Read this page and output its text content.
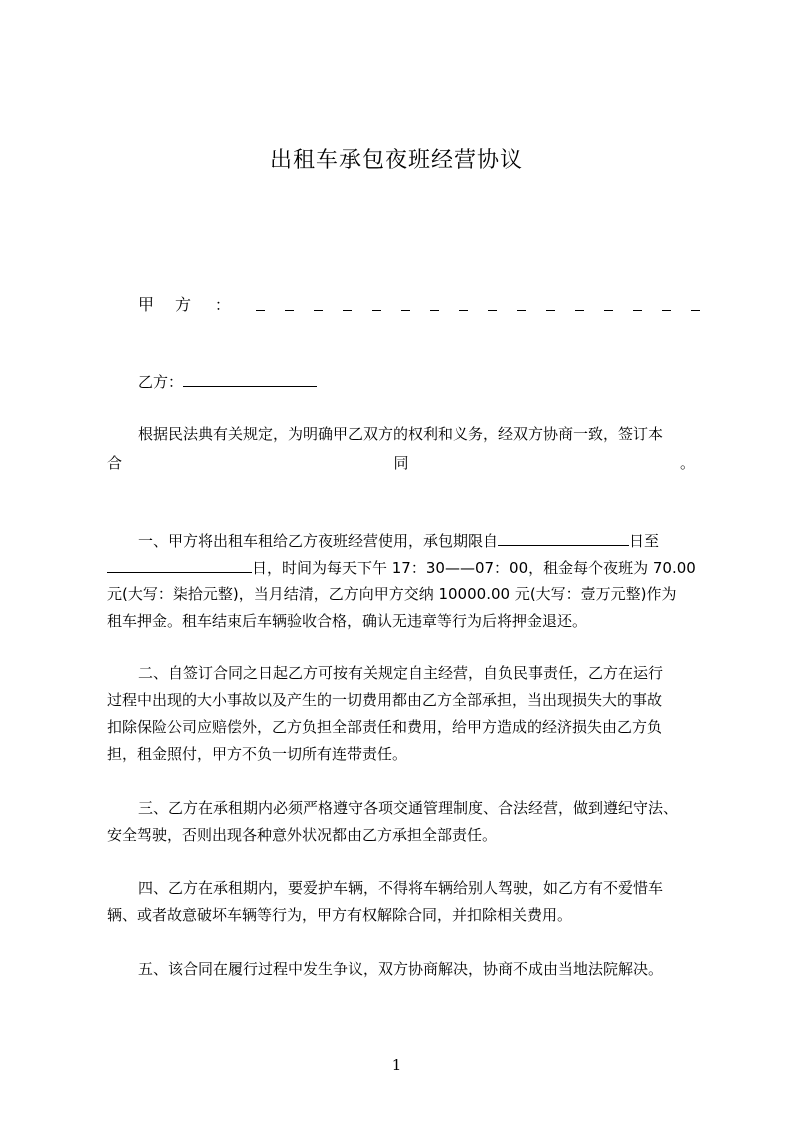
出租车承包夜班经营协议
甲 方 ：
乙方：
根据民法典有关规定，为明确甲乙双方的权利和义务，经双方协商一致，签订本
合	同	。
一、甲方将出租车租给乙方夜班经营使用，承包期限自	日至
日，时间为每天下午 17：30——07：00，租金每个夜班为 70.00
元(大写：柒拾元整)，当月结清，乙方向甲方交纳 10000.00 元(大写：壹万元整)作为
租车押金。租车结束后车辆验收合格，确认无违章等行为后将押金退还。
二、自签订合同之日起乙方可按有关规定自主经营，自负民事责任，乙方在运行
过程中出现的大小事故以及产生的一切费用都由乙方全部承担，当出现损失大的事故
扣除保险公司应赔偿外，乙方负担全部责任和费用，给甲方造成的经济损失由乙方负
担，租金照付，甲方不负一切所有连带责任。
三、乙方在承租期内必须严格遵守各项交通管理制度、合法经营，做到遵纪守法、
安全驾驶，否则出现各种意外状况都由乙方承担全部责任。
四、乙方在承租期内，要爱护车辆，不得将车辆给别人驾驶，如乙方有不爱惜车
辆、或者故意破坏车辆等行为，甲方有权解除合同，并扣除相关费用。
五、该合同在履行过程中发生争议，双方协商解决，协商不成由当地法院解决。
1
